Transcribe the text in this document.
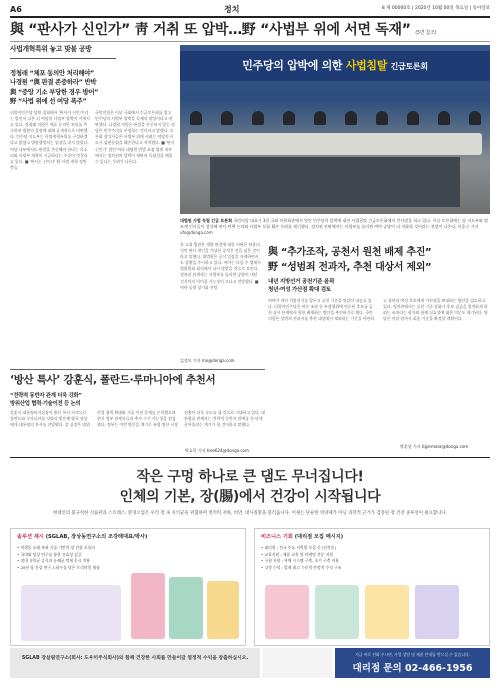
A6	정치	8 제 00000호 | 2020년 10월 00일 목요일 | 동아일보
與 “판사가 신인가” 靑 거취 또 압박…野 “사법부 위에 서면 독재” (5면 참조)
사법개혁특위 놓고 맞불 공방
정청래 “체포 동의안 처리해야”
나경원 “與 판결 존중하라” 반박
與 “중앙 기소 부당한 경우 방어”
野 “사법 위에 선 여당 폭주”
더불어민주당 당원 집회에서 '판사가 신인가'라는 발언이 나온 뒤 여당의 사법부 압박이 거세지고 있다. 정청래 의원은 체포 동의안 처리를 촉구하며 법원의 결정에 대해 공개적으로 비판했다. 민주당 지도부는 사법개혁특위를 구성하겠다고 밝혔고 법원행정처는 입장을 내지 않았다. 여당 내부에서도 판결을 존중해야 한다는 목소리와 사법부 개혁이 시급하다는 주장이 엇갈리고 있다. ■ '판사는 신이냐' 野 사법 개혁 정면 충돌
국민의힘은 이날 국회에서 긴급토론회를 열고 민주당의 사법부 압박을 독재적 발상이라고 비판했다. 나경원 의원은 판결을 존중하지 않는 정당은 민주주의를 부정하는 것이라고 말했다. 토론회 참석자들은 사법부 위에 서려는 여당의 시도가 삼권분립을 훼손한다고 지적했다. ■ '판사 신인가' 발언 여파 대법원 반발 조짐 법원 내부에서는 정치권의 압박이 재판의 독립성을 해칠 수 있다는 우려가 나온다.
민주당의 압박에 의한 사법침탈 긴급토론회
대법원 사법 독립 긴급 토론회 국민의힘 대표가 3일 국회 의원회관에서 열린 민주당의 압박에 대한 사법침탈 긴급토론회에서 인사말을 하고 있다. 이날 토론회에는 당 지도부와 법조계 인사들이 참석해 판사 탄핵 논의와 사법부 독립 훼손 우려를 제기했다. 정치권 안팎에서는 사법부를 둘러싼 여야 공방이 더 격화될 것이라는 전망이 나온다. 이훈구 기자 ufo@donga.com
한 고위 법관은 개별 판결에 대한 비판은 허용되지만 판사 개인을 겨냥한 공격은 선을 넘은 것이라고 말했다. 대법원은 공식 입장을 자제하면서도 상황을 주시하고 있다. 여야는 다음 주 법제사법위원회 회의에서 다시 맞붙을 것으로 보인다. 정치권 관계자는 사법부를 둘러싼 공방이 내년 선거까지 이어질 가능성이 크다고 전망했다. ■ 여야 공방 장기화 전망
김성모 기자 mo@donga.com
與 “추가조작, 공천서 원천 배제 추진”
野 “성범죄 전과자, 추천 대상서 제외”
내년 지방선거 공천기준 윤곽
청년·여성 가산점 확대 검토
여야가 내년 지방선거를 앞두고 공천 기준을 잇달아 내놓고 있다. 더불어민주당은 여론 조작 등 부정행위에 연루된 후보를 공천 심사 단계에서 원천 배제하는 방안을 추진하기로 했다. 국민의힘은 성범죄 전과자를 추천 대상에서 제외하는 기준을 마련하고 청년과 여성 후보에게 가산점을 확대하는 방안을 검토하고 있다. 정치권에서는 공천 기준 강화가 후보 검증을 엄격하게 하려는 조치라는 평가와 함께 실효성에 대한 의문도 제기된다. 양당은 이달 말까지 최종 기준을 확정할 계획이다.
박훈상 기자 tigermask@donga.com
‘방산 특사’ 강훈식, 폴란드·루마니아에 추천서
“전략적 동반자 관계 더욱 강화”
방위산업 협력·기술이전 등 논의
강훈식 대통령비서실장이 방산 특사 자격으로 폴란드와 루마니아를 잇따라 방문해 양국 정상에게 대통령의 친서를 전달했다. 강 실장은 방위산업 협력 확대와 기술 이전 문제를 논의했으며 현지 정부 관계자들과 추가 수주 가능성을 점검했다. 정부는 이번 방문을 계기로 유럽 방산 시장 진출이 더욱 속도를 낼 것으로 기대하고 있다. 대통령실 관계자는 전략적 동반자 관계를 한 단계 끌어올리는 계기가 될 것이라고 말했다.
박효목 기자 tree624@donga.com
작은 구멍 하나로 큰 댐도 무너집니다!
인체의 기본, 장(腸)에서 건강이 시작됩니다
현대인의 불규칙한 식습관과 스트레스, 환경오염은 우리 장 속 유익균을 위협하며 면역력 저하, 비만, 대사질환을 불러옵니다. 이제는 단순한 영양제가 아닌 과학적 근거가 검증된 장 건강 솔루션이 필요합니다.
솔루션 제시 (SGLAB, 장상동연구소의 조강래대표/박사)
• 미생물 유래 특허 기술 기반의 장 건강 포뮬러
• 국내외 임상 연구를 통한 유효성 검증
• 장내 유익균 증식과 유해균 억제 동시 작용
• 20년 장 건강 연구 노하우를 담은 프리미엄 제품
비즈니스 기회 (대리점 모집 메시지)
• 대리점 : 전국 주요 지역별 모집 중 (선착순)
• 교육지원 : 제품 교육 및 마케팅 전문 지원
• 구협 지원 : 자체 시스템 구축, 초기 구축 비용
• 고정 수익 : 업계 최고 수준의 안정적 수익 구조
SGLAB 장살림연구소(회사: 도우미주식회사)와 함께 건강한 사회를 만들어갈 열정적 수익을 창출하십시오.
지금 바로 전화 주시면, 사업 상담 및 제품 안내를 받으실 수 있습니다.
대리점 문의 02-466-1956
